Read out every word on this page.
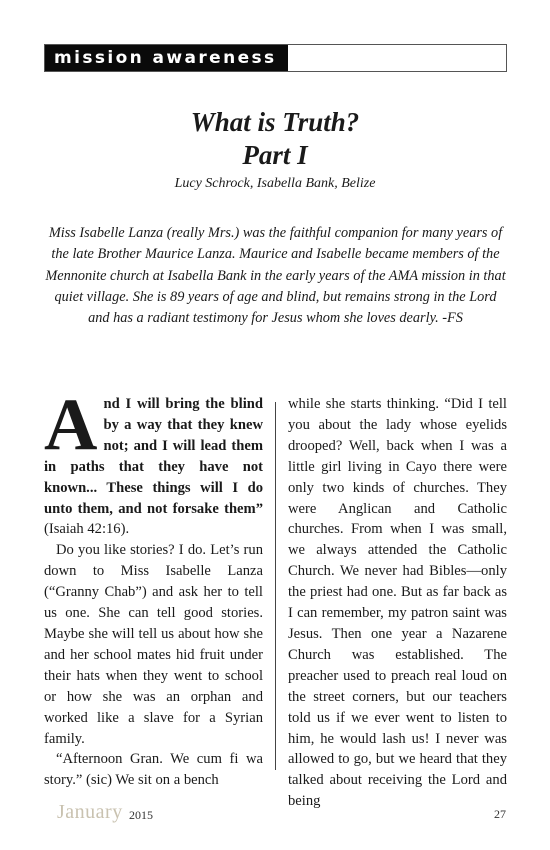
mission awareness
What is Truth?
Part I
Lucy Schrock, Isabella Bank, Belize
Miss Isabelle Lanza (really Mrs.) was the faithful companion for many years of the late Brother Maurice Lanza. Maurice and Isabelle became members of the Mennonite church at Isabella Bank in the early years of the AMA mission in that quiet village. She is 89 years of age and blind, but remains strong in the Lord and has a radiant testimony for Jesus whom she loves dearly. -FS

And I will bring the blind by a way that they knew not; and I will lead them in paths that they have not known... These things will I do unto them, and not forsake them” (Isaiah 42:16).

Do you like stories? I do. Let’s run down to Miss Isabelle Lanza (“Granny Chab”) and ask her to tell us one. She can tell good stories. Maybe she will tell us about how she and her school mates hid fruit under their hats when they went to school or how she was an orphan and worked like a slave for a Syrian family.

“Afternoon Gran. We cum fi wa story.” (sic) We sit on a bench

while she starts thinking. “Did I tell you about the lady whose eyelids drooped? Well, back when I was a little girl living in Cayo there were only two kinds of churches. They were Anglican and Catholic churches. From when I was small, we always attended the Catholic Church. We never had Bibles—only the priest had one. But as far back as I can remember, my patron saint was Jesus. Then one year a Nazarene Church was established. The preacher used to preach real loud on the street corners, but our teachers told us if we ever went to listen to him, he would lash us! I never was allowed to go, but we heard that they talked about receiving the Lord and being

January 2015	27
